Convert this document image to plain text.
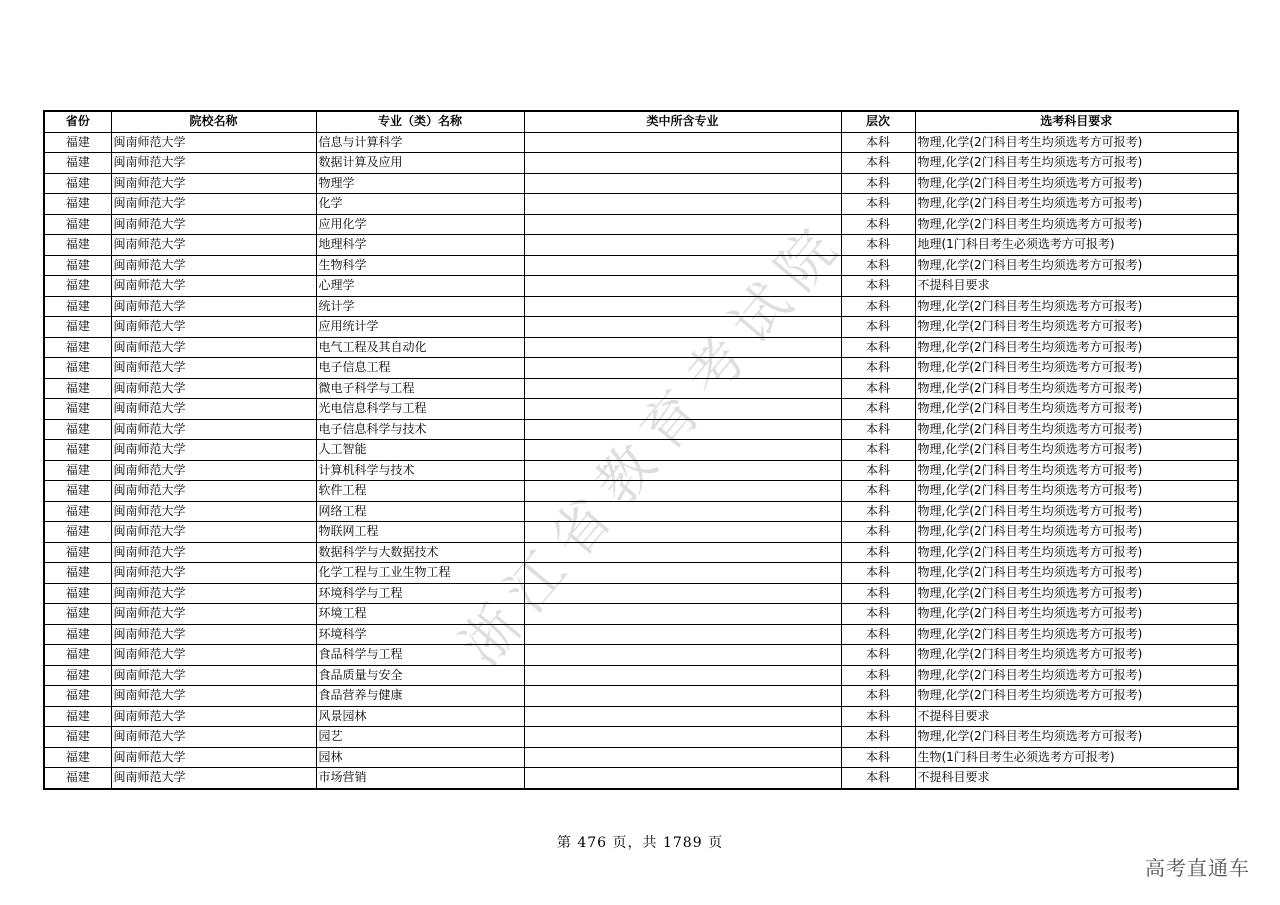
省份	院校名称	专业（类）名称	类中所含专业	层次	选考科目要求
福建	闽南师范大学	信息与计算科学		本科	物理,化学(2门科目考生均须选考方可报考)
福建	闽南师范大学	数据计算及应用		本科	物理,化学(2门科目考生均须选考方可报考)
福建	闽南师范大学	物理学		本科	物理,化学(2门科目考生均须选考方可报考)
福建	闽南师范大学	化学		本科	物理,化学(2门科目考生均须选考方可报考)
福建	闽南师范大学	应用化学		本科	物理,化学(2门科目考生均须选考方可报考)
福建	闽南师范大学	地理科学		本科	地理(1门科目考生必须选考方可报考)
福建	闽南师范大学	生物科学		本科	物理,化学(2门科目考生均须选考方可报考)
福建	闽南师范大学	心理学		本科	不提科目要求
福建	闽南师范大学	统计学		本科	物理,化学(2门科目考生均须选考方可报考)
福建	闽南师范大学	应用统计学		本科	物理,化学(2门科目考生均须选考方可报考)
福建	闽南师范大学	电气工程及其自动化		本科	物理,化学(2门科目考生均须选考方可报考)
福建	闽南师范大学	电子信息工程		本科	物理,化学(2门科目考生均须选考方可报考)
福建	闽南师范大学	微电子科学与工程		本科	物理,化学(2门科目考生均须选考方可报考)
福建	闽南师范大学	光电信息科学与工程		本科	物理,化学(2门科目考生均须选考方可报考)
福建	闽南师范大学	电子信息科学与技术		本科	物理,化学(2门科目考生均须选考方可报考)
福建	闽南师范大学	人工智能		本科	物理,化学(2门科目考生均须选考方可报考)
福建	闽南师范大学	计算机科学与技术		本科	物理,化学(2门科目考生均须选考方可报考)
福建	闽南师范大学	软件工程		本科	物理,化学(2门科目考生均须选考方可报考)
福建	闽南师范大学	网络工程		本科	物理,化学(2门科目考生均须选考方可报考)
福建	闽南师范大学	物联网工程		本科	物理,化学(2门科目考生均须选考方可报考)
福建	闽南师范大学	数据科学与大数据技术		本科	物理,化学(2门科目考生均须选考方可报考)
福建	闽南师范大学	化学工程与工业生物工程		本科	物理,化学(2门科目考生均须选考方可报考)
福建	闽南师范大学	环境科学与工程		本科	物理,化学(2门科目考生均须选考方可报考)
福建	闽南师范大学	环境工程		本科	物理,化学(2门科目考生均须选考方可报考)
福建	闽南师范大学	环境科学		本科	物理,化学(2门科目考生均须选考方可报考)
福建	闽南师范大学	食品科学与工程		本科	物理,化学(2门科目考生均须选考方可报考)
福建	闽南师范大学	食品质量与安全		本科	物理,化学(2门科目考生均须选考方可报考)
福建	闽南师范大学	食品营养与健康		本科	物理,化学(2门科目考生均须选考方可报考)
福建	闽南师范大学	风景园林		本科	不提科目要求
福建	闽南师范大学	园艺		本科	物理,化学(2门科目考生均须选考方可报考)
福建	闽南师范大学	园林		本科	生物(1门科目考生必须选考方可报考)
福建	闽南师范大学	市场营销		本科	不提科目要求
浙江省教育考试院
第 476 页，共 1789 页
高考直通车
